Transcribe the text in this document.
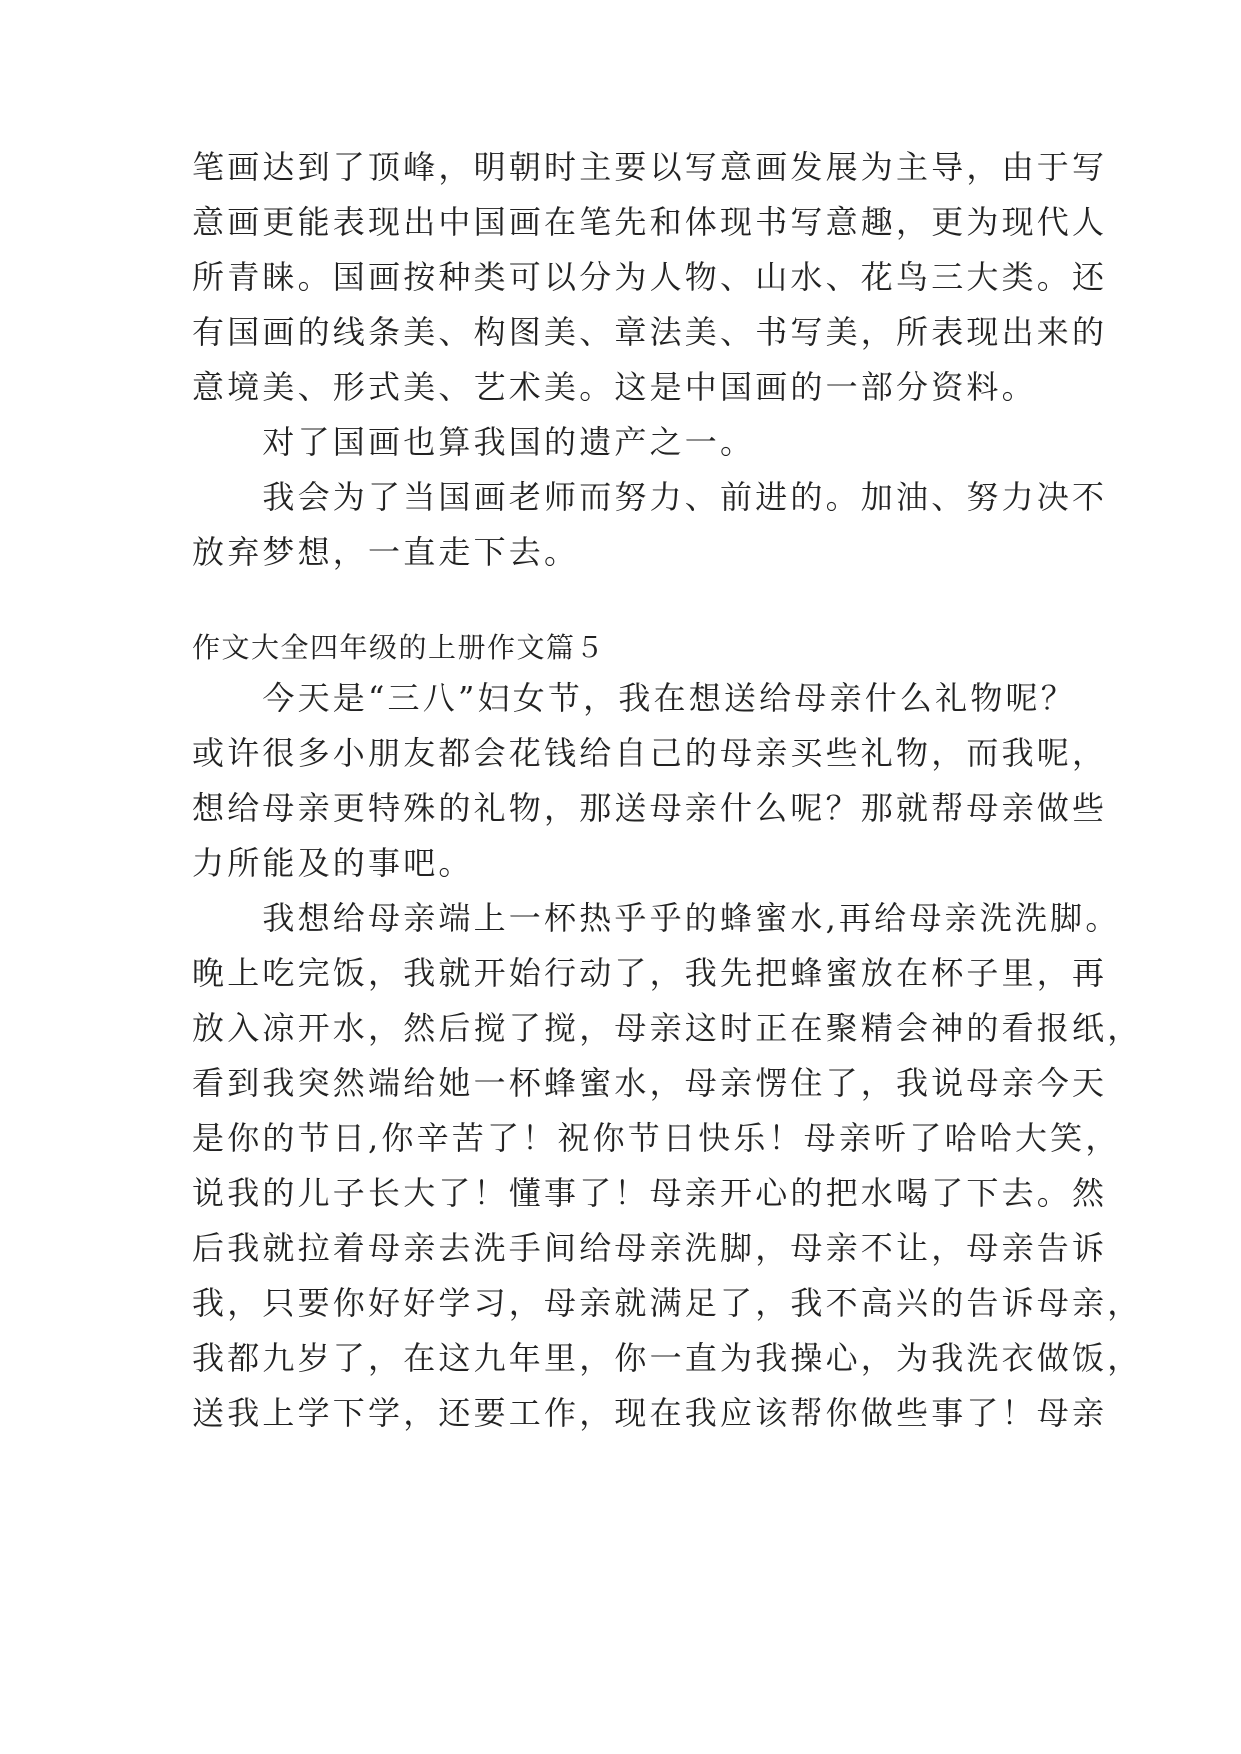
笔画达到了顶峰，明朝时主要以写意画发展为主导，由于写
意画更能表现出中国画在笔先和体现书写意趣，更为现代人
所青睐。国画按种类可以分为人物、山水、花鸟三大类。还
有国画的线条美、构图美、章法美、书写美，所表现出来的
意境美、形式美、艺术美。这是中国画的一部分资料。
　　对了国画也算我国的遗产之一。
　　我会为了当国画老师而努力、前进的。加油、努力决不
放弃梦想，一直走下去。
作文大全四年级的上册作文篇５
　　今天是“三八”妇女节，我在想送给母亲什么礼物呢？
或许很多小朋友都会花钱给自己的母亲买些礼物，而我呢，
想给母亲更特殊的礼物，那送母亲什么呢？那就帮母亲做些
力所能及的事吧。
　　我想给母亲端上一杯热乎乎的蜂蜜水,再给母亲洗洗脚。
晚上吃完饭，我就开始行动了，我先把蜂蜜放在杯子里，再
放入凉开水，然后搅了搅，母亲这时正在聚精会神的看报纸，
看到我突然端给她一杯蜂蜜水，母亲愣住了，我说母亲今天
是你的节日,你辛苦了！祝你节日快乐！母亲听了哈哈大笑，
说我的儿子长大了！懂事了！母亲开心的把水喝了下去。然
后我就拉着母亲去洗手间给母亲洗脚，母亲不让，母亲告诉
我，只要你好好学习，母亲就满足了，我不高兴的告诉母亲，
我都九岁了，在这九年里，你一直为我操心，为我洗衣做饭，
送我上学下学，还要工作，现在我应该帮你做些事了！母亲
